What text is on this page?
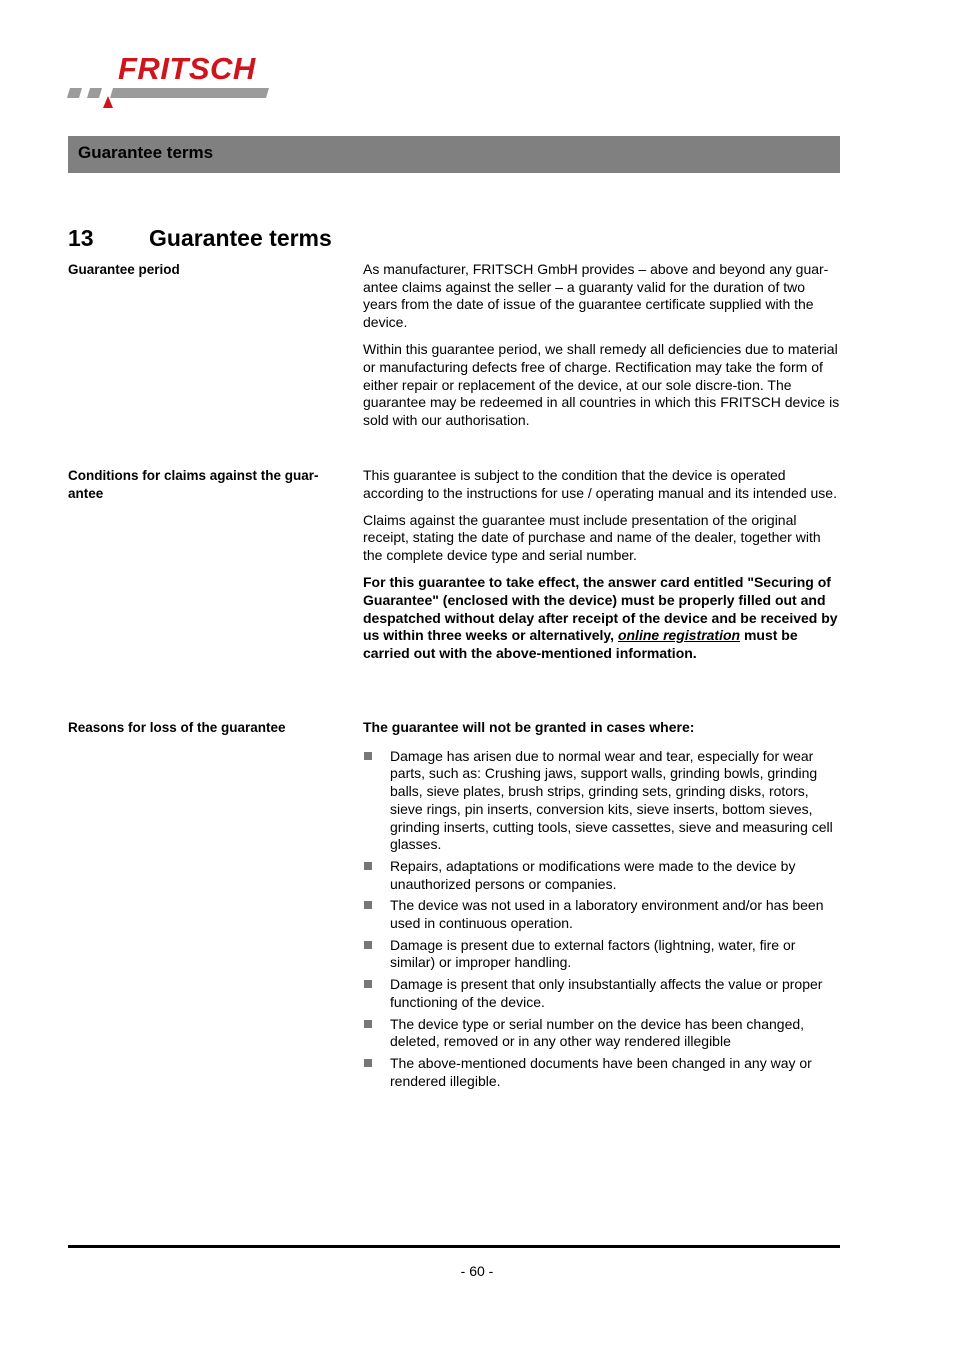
FRITSCH
Guarantee terms
13 Guarantee terms
Guarantee period	As manufacturer, FRITSCH GmbH provides – above and beyond any guar-antee claims against the seller – a guaranty valid for the duration of two years from the date of issue of the guarantee certificate supplied with the device.

Within this guarantee period, we shall remedy all deficiencies due to material or manufacturing defects free of charge. Rectification may take the form of either repair or replacement of the device, at our sole discre-tion. The guarantee may be redeemed in all countries in which this FRITSCH device is sold with our authorisation.

Conditions for claims against the guar-antee

This guarantee is subject to the condition that the device is operated according to the instructions for use / operating manual and its intended use.

Claims against the guarantee must include presentation of the original receipt, stating the date of purchase and name of the dealer, together with the complete device type and serial number.

For this guarantee to take effect, the answer card entitled "Securing of Guarantee" (enclosed with the device) must be properly filled out and despatched without delay after receipt of the device and be received by us within three weeks or alternatively, online registration must be carried out with the above-mentioned information.

Reasons for loss of the guarantee	The guarantee will not be granted in cases where:

Damage has arisen due to normal wear and tear, especially for wear parts, such as: Crushing jaws, support walls, grinding bowls, grinding balls, sieve plates, brush strips, grinding sets, grinding disks, rotors, sieve rings, pin inserts, conversion kits, sieve inserts, bottom sieves, grinding inserts, cutting tools, sieve cassettes, sieve and measuring cell glasses.
Repairs, adaptations or modifications were made to the device by unauthorized persons or companies.
The device was not used in a laboratory environment and/or has been used in continuous operation.
Damage is present due to external factors (lightning, water, fire or similar) or improper handling.
Damage is present that only insubstantially affects the value or proper functioning of the device.
The device type or serial number on the device has been changed, deleted, removed or in any other way rendered illegible
The above-mentioned documents have been changed in any way or rendered illegible.
- 60 -
